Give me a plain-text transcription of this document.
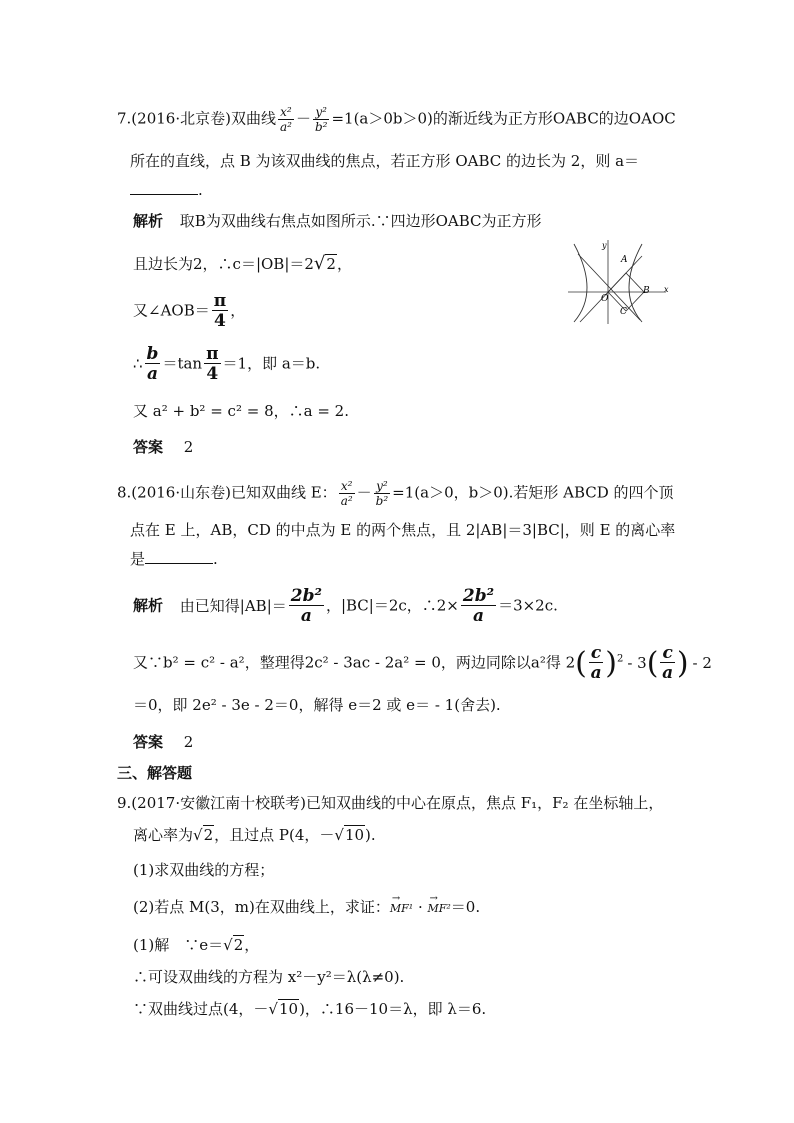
7.(2016·北京卷)双曲线 $\frac{\text{x²}}{\text{a²}} - \frac{\text{y²}}{\text{b²}} =1(a>0b>0)$的渐近线为正方形OABC的边OAOC
所在的直线，点 B 为该双曲线的焦点，若正方形 OABC 的边长为 2，则 a＝
.
解析 取B为双曲线右焦点如图所示.∵四边形OABC为正方形
且边长为2，∴c＝|OB|＝2√2，
又∠AOB＝ $\frac{\pi}{4}$ ，
∴ $\frac{b}{a} =\tan \frac{\pi}{4} =1$，即 a＝b.
又 a² + b² = c² = 8，∴a = 2.
答案 2
x
y
O
A
B
C
8.(2016·山东卷)已知双曲线 E： $\frac{\text{x²}}{\text{a²}} - \frac{\text{y²}}{\text{b²}} =1(a>0$，b＞0).若矩形 ABCD 的四个顶
点在 E 上，AB，CD 的中点为 E 的两个焦点，且 2|AB|＝3|BC|，则 E 的离心率
是	.
解析 由已知得$|AB|= \frac{\text{2b²}}{a}$ ，|BC|＝2c，∴2× $\frac{\text{2b²}}{a} =3\times 2c$.
又∵b² = c² - a²，整理得2c² - 3ac - 2a² = 0，两边同除以a²得 $2( \frac{c}{a} )^2 - 3( \frac{c}{a}$ ) - 2
＝0，即 2e² - 3e - 2＝0，解得 e＝2 或 e＝ - 1(舍去).
答案 2
三、解答题
9.(2017·安徽江南十校联考)已知双曲线的中心在原点，焦点 F₁，F₂ 在坐标轴上，
离心率为√2，且过点 P(4，－√10).
(1)求双曲线的方程；
(2)若点 M(3，m)在双曲线上，求证：→ MF¹ · → MF²＝0.
(1)解　∵e＝√2，
∴可设双曲线的方程为 x²－y²＝λ(λ≠0).
∵双曲线过点(4，－√10)，∴16－10＝λ，即 λ＝6.
